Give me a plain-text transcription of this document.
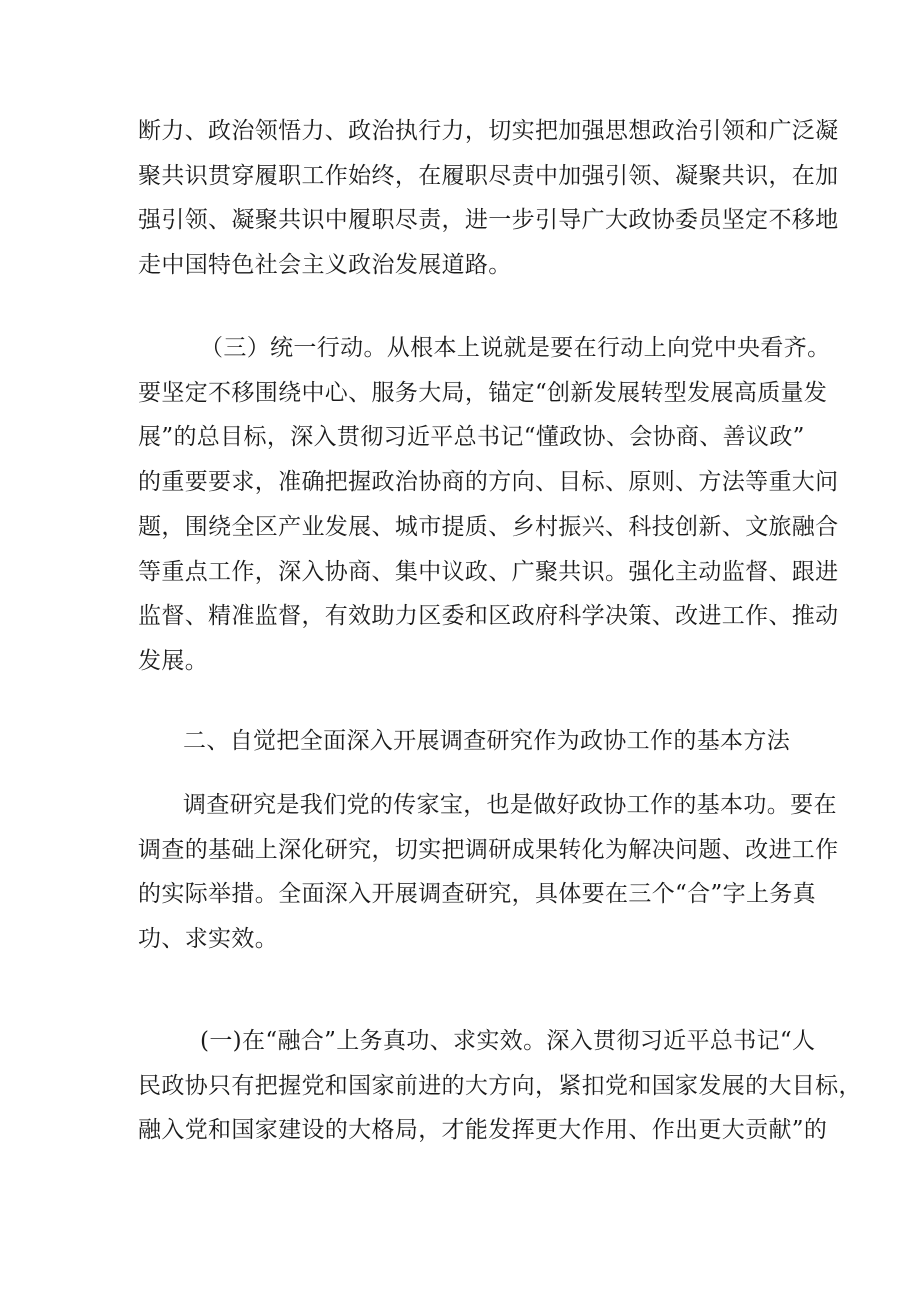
断力、政治领悟力、政治执行力，切实把加强思想政治引领和广泛凝
聚共识贯穿履职工作始终，在履职尽责中加强引领、凝聚共识，在加
强引领、凝聚共识中履职尽责，进一步引导广大政协委员坚定不移地
走中国特色社会主义政治发展道路。
（三）统一行动。从根本上说就是要在行动上向党中央看齐。
要坚定不移围绕中心、服务大局，锚定“创新发展转型发展高质量发
展”的总目标，深入贯彻习近平总书记“懂政协、会协商、善议政”
的重要要求，准确把握政治协商的方向、目标、原则、方法等重大问
题，围绕全区产业发展、城市提质、乡村振兴、科技创新、文旅融合
等重点工作，深入协商、集中议政、广聚共识。强化主动监督、跟进
监督、精准监督，有效助力区委和区政府科学决策、改进工作、推动
发展。
二、自觉把全面深入开展调查研究作为政协工作的基本方法
调查研究是我们党的传家宝，也是做好政协工作的基本功。要在
调查的基础上深化研究，切实把调研成果转化为解决问题、改进工作
的实际举措。全面深入开展调查研究，具体要在三个“合”字上务真
功、求实效。
(一)在“融合”上务真功、求实效。深入贯彻习近平总书记“人
民政协只有把握党和国家前进的大方向，紧扣党和国家发展的大目标，
融入党和国家建设的大格局，才能发挥更大作用、作出更大贡献”的
